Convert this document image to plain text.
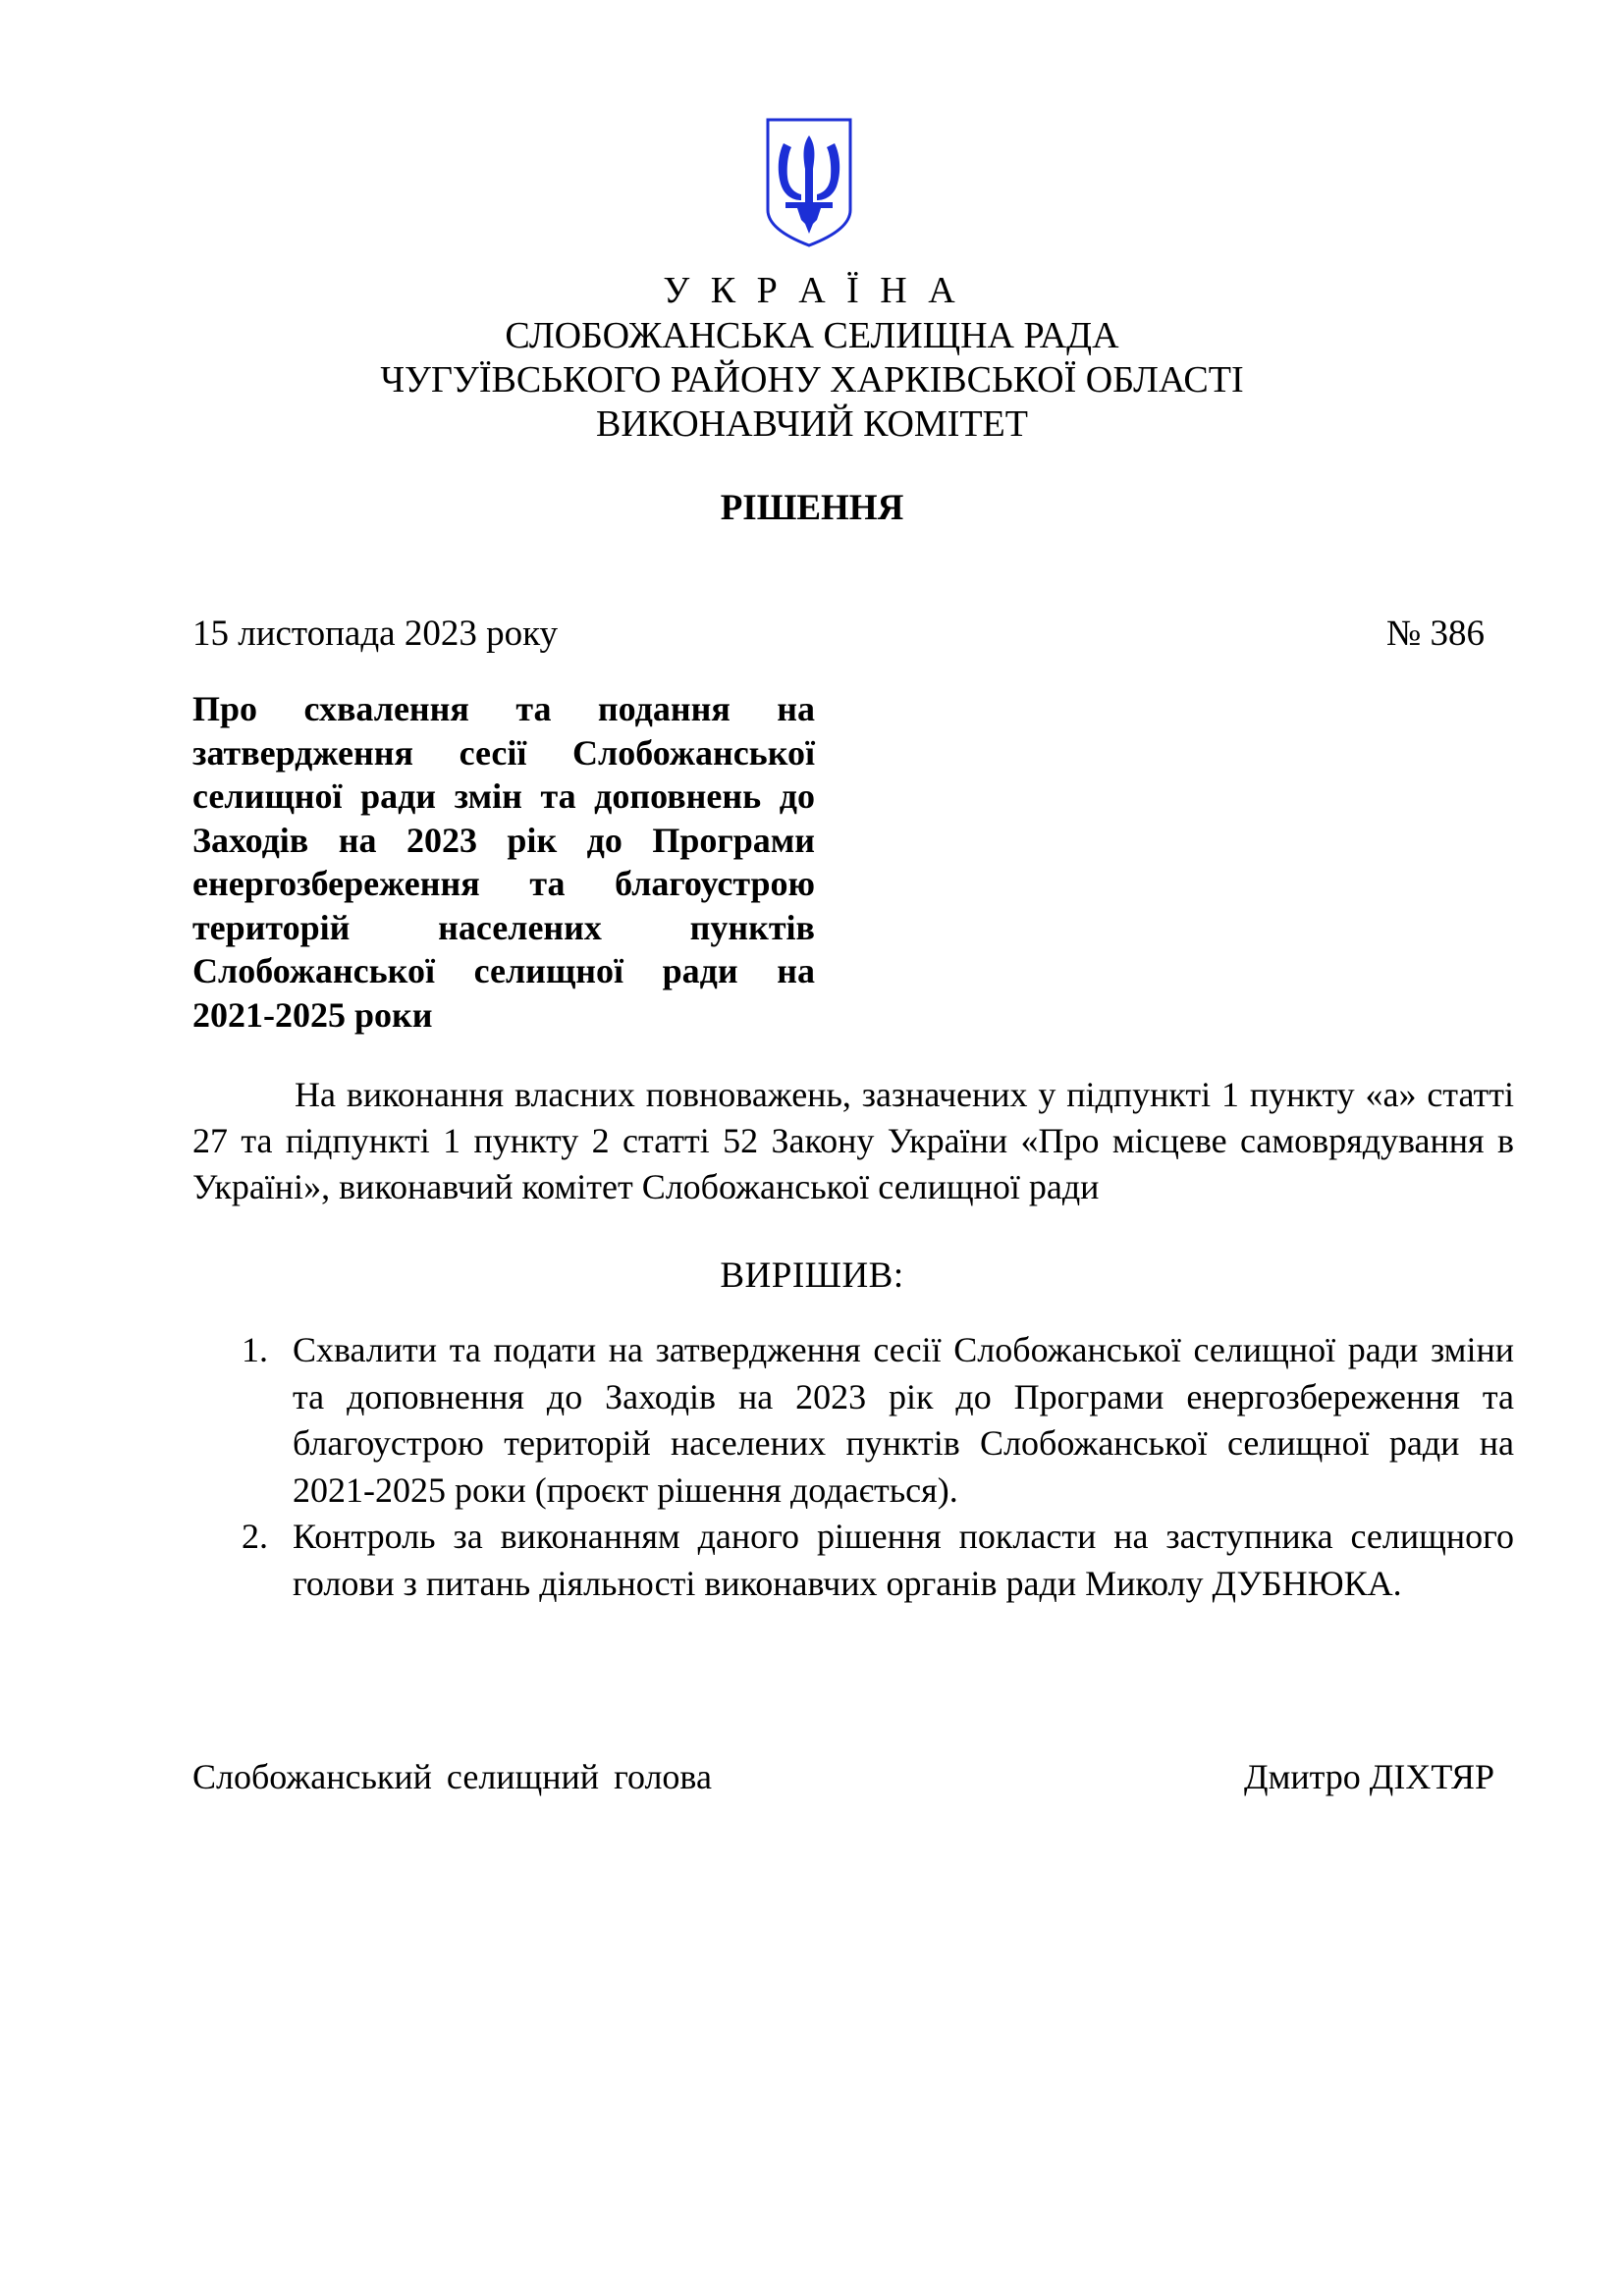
У К Р А Ї Н А
СЛОБОЖАНСЬКА СЕЛИЩНА РАДА
ЧУГУЇВСЬКОГО РАЙОНУ ХАРКІВСЬКОЇ ОБЛАСТІ
ВИКОНАВЧИЙ КОМІТЕТ
РІШЕННЯ
15 листопада 2023 року	№ 386
Про схвалення та подання на затвердження сесії Слобожанської селищної ради змін та доповнень до Заходів на 2023 рік до Програми енергозбереження та благоустрою територій населених пунктів Слобожанської селищної ради на 2021-2025 роки

На виконання власних повноважень, зазначених у підпункті 1 пункту «а» статті 27 та підпункті 1 пункту 2 статті 52 Закону України «Про місцеве самоврядування в Україні», виконавчий комітет Слобожанської селищної ради

ВИРІШИВ:
1. Схвалити та подати на затвердження сесії Слобожанської селищної ради зміни та доповнення до Заходів на 2023 рік до Програми енергозбереження та благоустрою територій населених пунктів Слобожанської селищної ради на 2021-2025 роки (проєкт рішення додається).
2. Контроль за виконанням даного рішення покласти на заступника селищного голови з питань діяльності виконавчих органів ради Миколу ДУБНЮКА.
Слобожанський селищний голова	Дмитро ДІХТЯР
